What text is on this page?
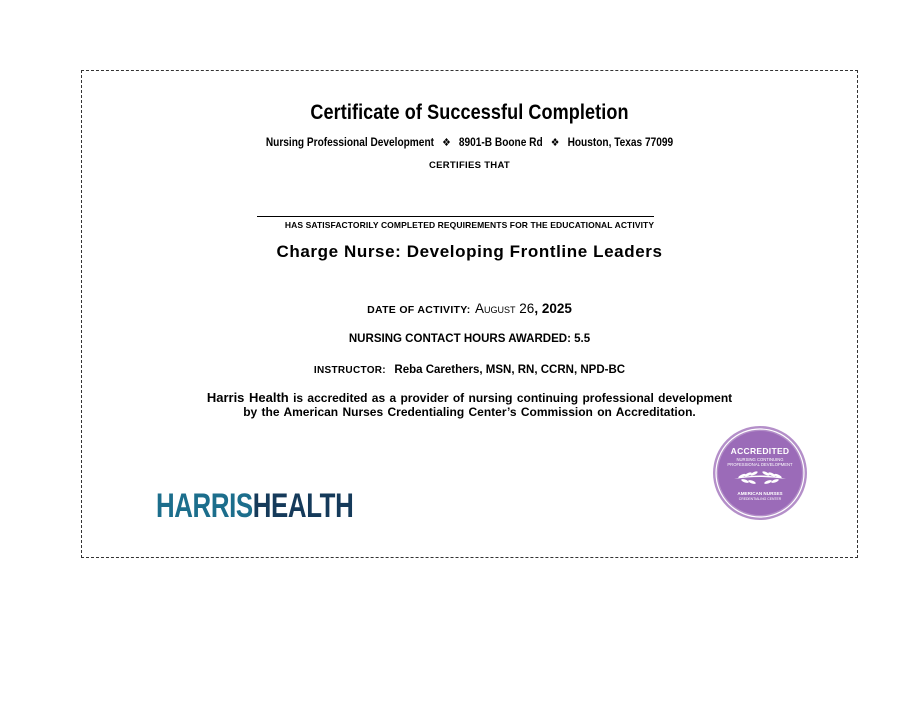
Certificate of Successful Completion
Nursing Professional Development ❖ 8901-B Boone Rd ❖ Houston, Texas 77099
CERTIFIES THAT
HAS SATISFACTORILY COMPLETED REQUIREMENTS FOR THE EDUCATIONAL ACTIVITY
Charge Nurse: Developing Frontline Leaders
DATE OF ACTIVITY: August 26, 2025
NURSING CONTACT HOURS AWARDED: 5.5
INSTRUCTOR: Reba Carethers, MSN, RN, CCRN, NPD-BC
Harris Health is accredited as a provider of nursing continuing professional development
by the American Nurses Credentialing Center’s Commission on Accreditation.
HARRISHEALTH
ACCREDITED
NURSING CONTINUING
PROFESSIONAL DEVELOPMENT
AMERICAN NURSES
CREDENTIALING CENTER
